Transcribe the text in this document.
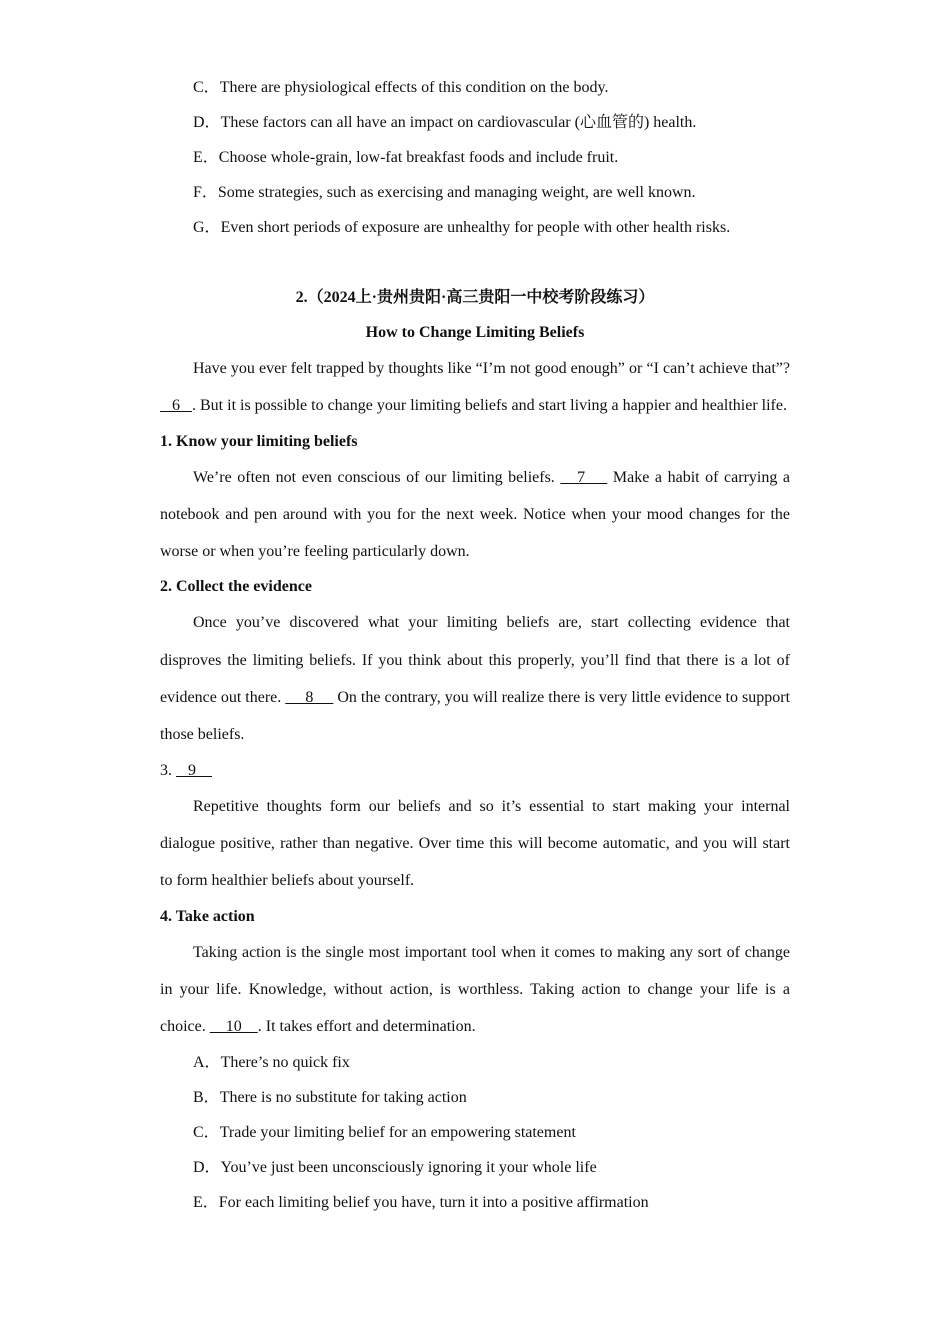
C．There are physiological effects of this condition on the body.
D．These factors can all have an impact on cardiovascular (心血管的) health.
E．Choose whole-grain, low-fat breakfast foods and include fruit.
F．Some strategies, such as exercising and managing weight, are well known.
G．Even short periods of exposure are unhealthy for people with other health risks.
2.（2024上·贵州贵阳·高三贵阳一中校考阶段练习）
How to Change Limiting Beliefs

Have you ever felt trapped by thoughts like “I’m not good enough” or “I can’t achieve that”?    6   . But it is possible to change your limiting beliefs and start living a happier and healthier life.

1. Know your limiting beliefs

We’re often not even conscious of our limiting beliefs.    7     Make a habit of carrying a notebook and pen around with you for the next week. Notice when your mood changes for the worse or when you’re feeling particularly down.

2. Collect the evidence

Once you’ve discovered what your limiting beliefs are, start collecting evidence that disproves the limiting beliefs. If you think about this properly, you’ll find that there is a lot of evidence out there.      8      On the contrary, you will realize there is very little evidence to support those beliefs.

3.    9

Repetitive thoughts form our beliefs and so it’s essential to start making your internal dialogue positive, rather than negative. Over time this will become automatic, and you will start to form healthier beliefs about yourself.

4. Take action

Taking action is the single most important tool when it comes to making any sort of change in your life. Knowledge, without action, is worthless. Taking action to change your life is a choice.     10    . It takes effort and determination.

A．There’s no quick fix
B．There is no substitute for taking action
C．Trade your limiting belief for an empowering statement
D．You’ve just been unconsciously ignoring it your whole life
E．For each limiting belief you have, turn it into a positive affirmation
